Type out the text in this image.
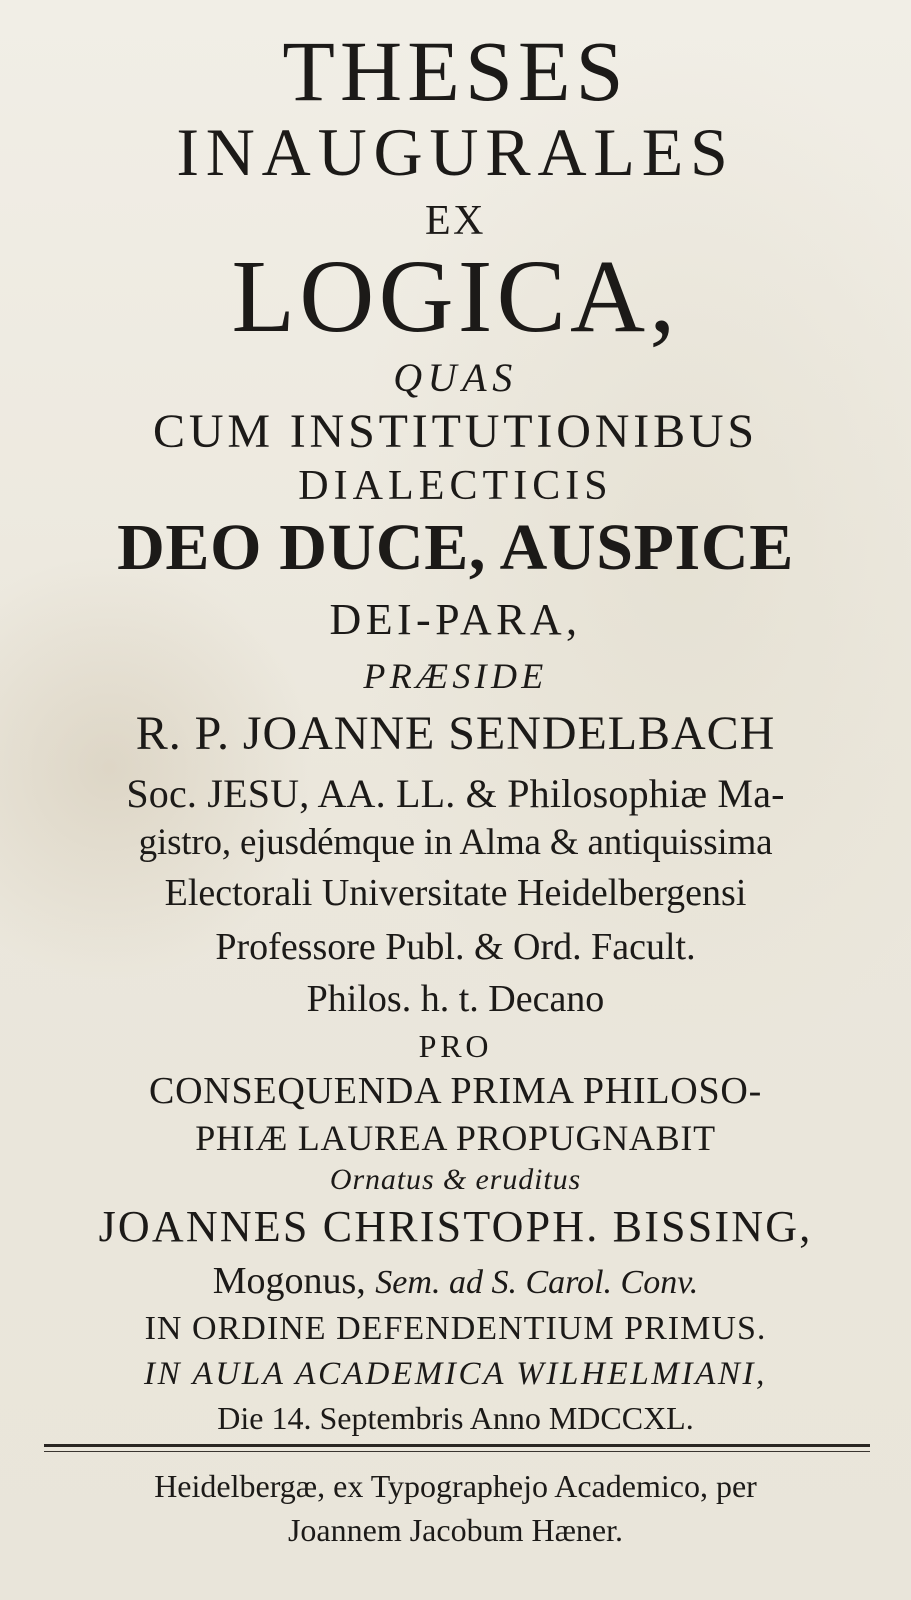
THESES
INAUGURALES
EX
LOGICA,
QUAS
CUM INSTITUTIONIBUS
DIALECTICIS
DEO DUCE, AUSPICE
DEI-PARA,
PRÆSIDE
R. P. JOANNE SENDELBACH
Soc. JESU, AA. LL. & Philosophiæ Ma-
gistro, ejusdémque in Alma & antiquissima
Electorali Universitate Heidelbergensi
Professore Publ. & Ord. Facult.
Philos. h. t. Decano
PRO
CONSEQUENDA PRIMA PHILOSO-
PHIÆ LAUREA PROPUGNABIT
Ornatus & eruditus
JOANNES CHRISTOPH. BISSING,
Mogonus, Sem. ad S. Carol. Conv.
IN ORDINE DEFENDENTIUM PRIMUS.
IN AULA ACADEMICA WILHELMIANI,
Die 14. Septembris Anno MDCCXL.
Heidelbergæ, ex Typographejo Academico, per
Joannem Jacobum Hæner.
